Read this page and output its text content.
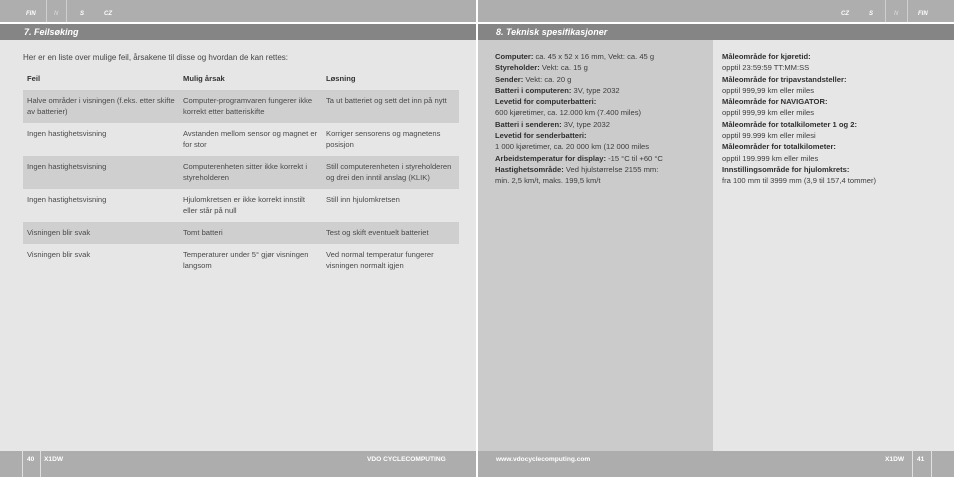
FIN	N	S	CZ	CZ	S	N	FIN
7. Feilsøking	8. Teknisk spesifikasjoner
Her er en liste over mulige feil, årsakene til disse og hvordan de kan rettes:
Feil	Mulig årsak	Løsning
Halve områder i visningen (f.eks. etter skifte av batterier)	Computer-programvaren fungerer ikke korrekt etter batteriskifte	Ta ut batteriet og sett det inn på nytt

Ingen hastighetsvisning	Avstanden mellom sensor og magnet er for stor	Korriger sensorens og magnetens posisjon
Ingen hastighetsvisning	Computerenheten sitter ikke korrekt i styreholderen	Still computerenheten i styreholderen og drei den inntil anslag (KLIK)
Ingen hastighetsvisning	Hjulomkretsen er ikke korrekt innstilt eller står på null	Still inn hjulomkretsen
Visningen blir svak	Tomt batteri	Test og skift eventuelt batteriet
Visningen blir svak	Temperaturer under 5° gjør visningen langsom	Ved normal temperatur fungerer visningen normalt igjen
Computer: ca. 45 x 52 x 16 mm, Vekt: ca. 45 g
Styreholder: Vekt: ca. 15 g
Sender: Vekt: ca. 20 g
Batteri i computeren: 3V, type 2032
Levetid for computerbatteri:
600 kjøretimer, ca. 12.000 km (7.400 miles)
Batteri i senderen: 3V, type 2032
Levetid for senderbatteri:
1 000 kjøretimer, ca. 20 000 km (12 000 miles
Arbeidstemperatur for display: -15 °C til +60 °C
Hastighetsområde: Ved hjulstørrelse 2155 mm:
min. 2,5 km/t, maks. 199,5 km/t
Måleområde for kjøretid:
opptil 23:59:59 TT:MM:SS
Måleområde for tripavstandsteller:
opptil 999,99 km eller miles
Måleområde for NAVIGATOR:
opptil 999,99 km eller miles
Måleområde for totalkilometer 1 og 2:
opptil 99.999 km eller milesi
Måleområder for totalkilometer:
opptil 199.999 km eller miles
Innstillingsområde for hjulomkrets:
fra 100 mm til 3999 mm (3,9 til 157,4 tommer)
40 X1DW	VDO CYCLECOMPUTING	www.vdocyclecomputing.com	X1DW 41
